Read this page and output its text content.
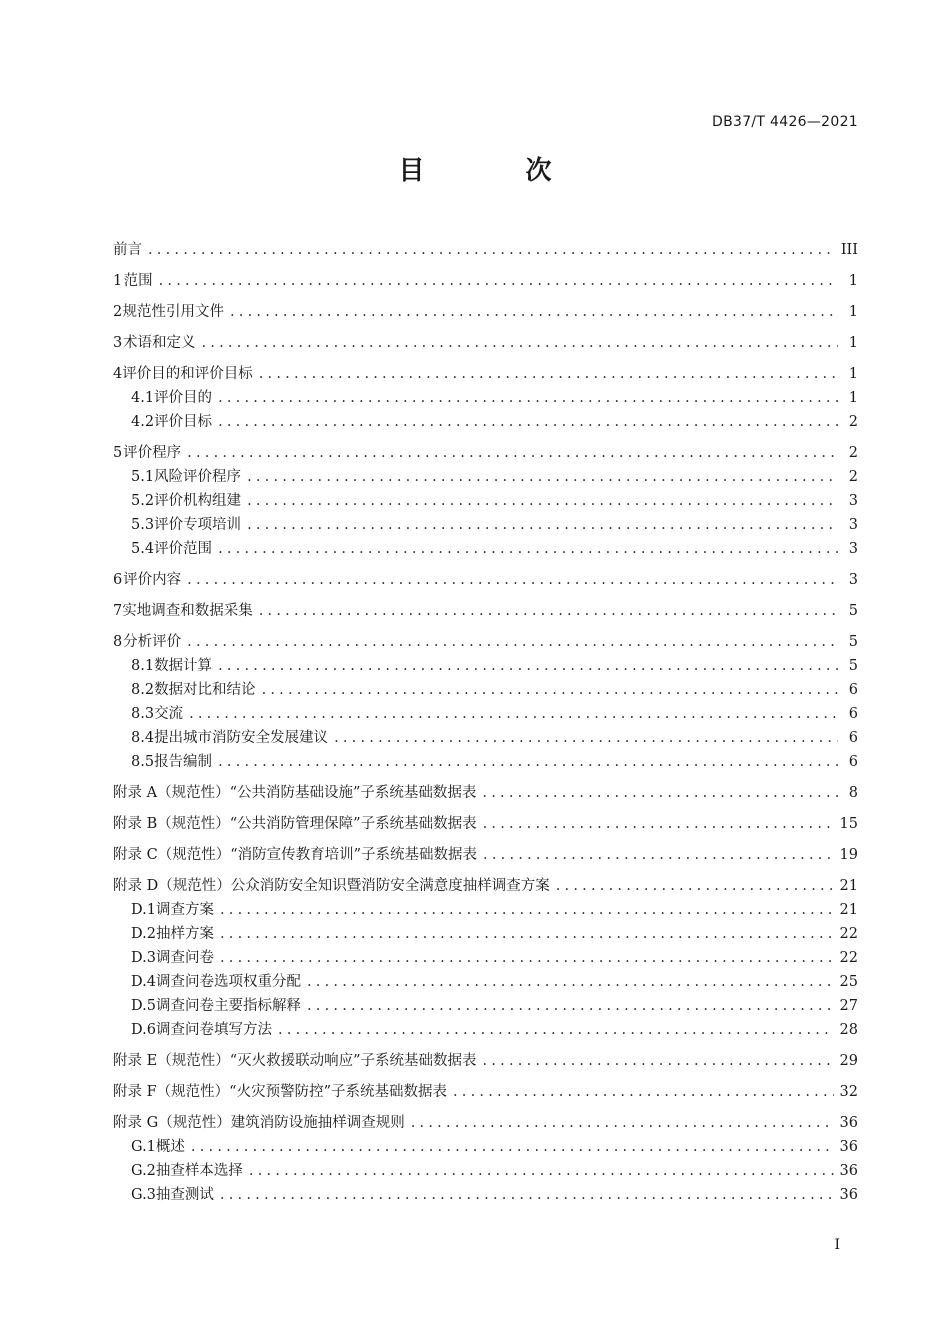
DB37/T 4426—2021
目 次
前言 .....	III
1 范围 .....	1
2 规范性引用文件 .....	1
3 术语和定义 .....	1
4 评价目的和评价目标 .....	1
4.1 评价目的 .....	1
4.2 评价目标 .....	2
5 评价程序 .....	2
5.1 风险评价程序 .....	2
5.2 评价机构组建 .....	3
5.3 评价专项培训 .....	3
5.4 评价范围 .....	3
6 评价内容 .....	3
7 实地调查和数据采集 .....	5
8 分析评价 .....	5
8.1 数据计算 .....	5
8.2 数据对比和结论 .....	6
8.3 交流 .....	6
8.4 提出城市消防安全发展建议 .....	6
8.5 报告编制 .....	6
附录 A（规范性）“公共消防基础设施”子系统基础数据表 .....	8
附录 B（规范性）“公共消防管理保障”子系统基础数据表 .....	15
附录 C（规范性）“消防宣传教育培训”子系统基础数据表 .....	19
附录 D（规范性）公众消防安全知识暨消防安全满意度抽样调查方案 .....	21
D.1 调查方案 .....	21
D.2 抽样方案 .....	22
D.3 调查问卷 .....	22
D.4 调查问卷选项权重分配 .....	25
D.5 调查问卷主要指标解释 .....	27
D.6 调查问卷填写方法 .....	28
附录 E（规范性）“灭火救援联动响应”子系统基础数据表 .....	29
附录 F（规范性）“火灾预警防控”子系统基础数据表 .....	32
附录 G（规范性）建筑消防设施抽样调查规则 .....	36
G.1 概述 .....	36
G.2 抽查样本选择 .....	36
G.3 抽查测试 .....	36
I
